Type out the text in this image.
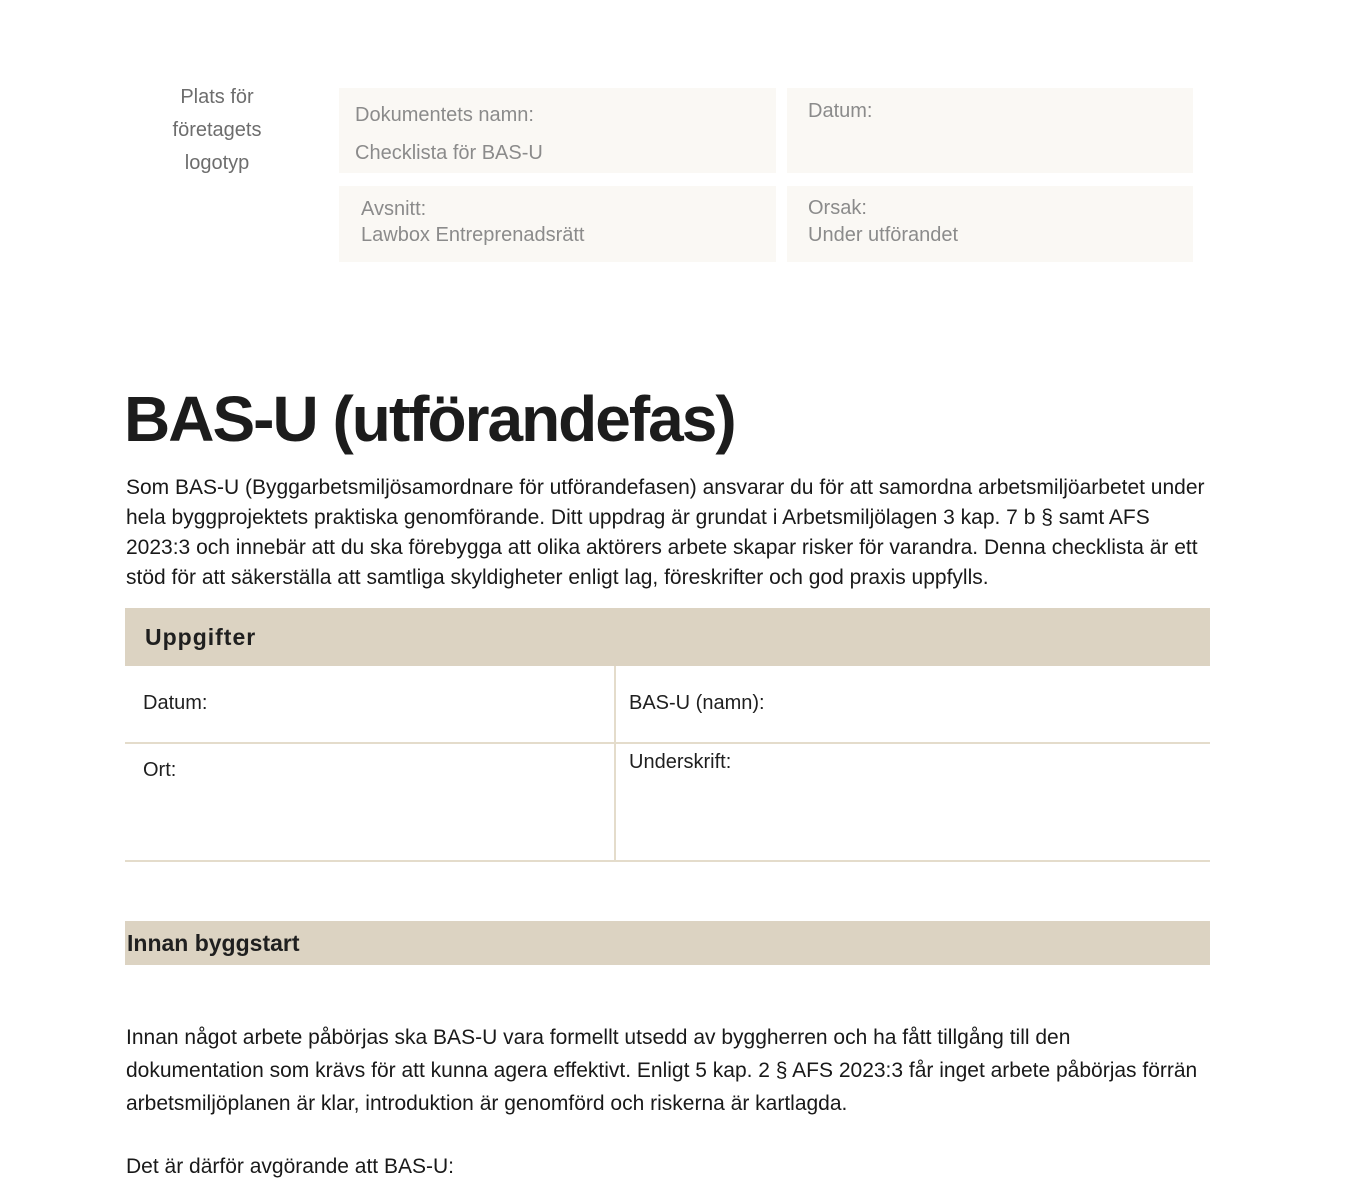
Plats för
företagets
logotyp
Dokumentets namn:
Checklista för BAS-U
Datum:
Avsnitt:
Lawbox Entreprenadsrätt
Orsak:
Under utförandet
BAS-U (utförandefas)

Som BAS-U (Byggarbetsmiljösamordnare för utförandefasen) ansvarar du för att samordna arbetsmiljöarbetet under hela byggprojektets praktiska genomförande. Ditt uppdrag är grundat i Arbetsmiljölagen 3 kap. 7 b § samt AFS 2023:3 och innebär att du ska förebygga att olika aktörers arbete skapar risker för varandra. Denna checklista är ett stöd för att säkerställa att samtliga skyldigheter enligt lag, föreskrifter och god praxis uppfylls.

Uppgifter
Datum:	BAS-U (namn):
Ort:	Underskrift:
Innan byggstart

Innan något arbete påbörjas ska BAS-U vara formellt utsedd av byggherren och ha fått tillgång till den dokumentation som krävs för att kunna agera effektivt. Enligt 5 kap. 2 § AFS 2023:3 får inget arbete påbörjas förrän arbetsmiljöplanen är klar, introduktion är genomförd och riskerna är kartlagda.

Det är därför avgörande att BAS-U:
